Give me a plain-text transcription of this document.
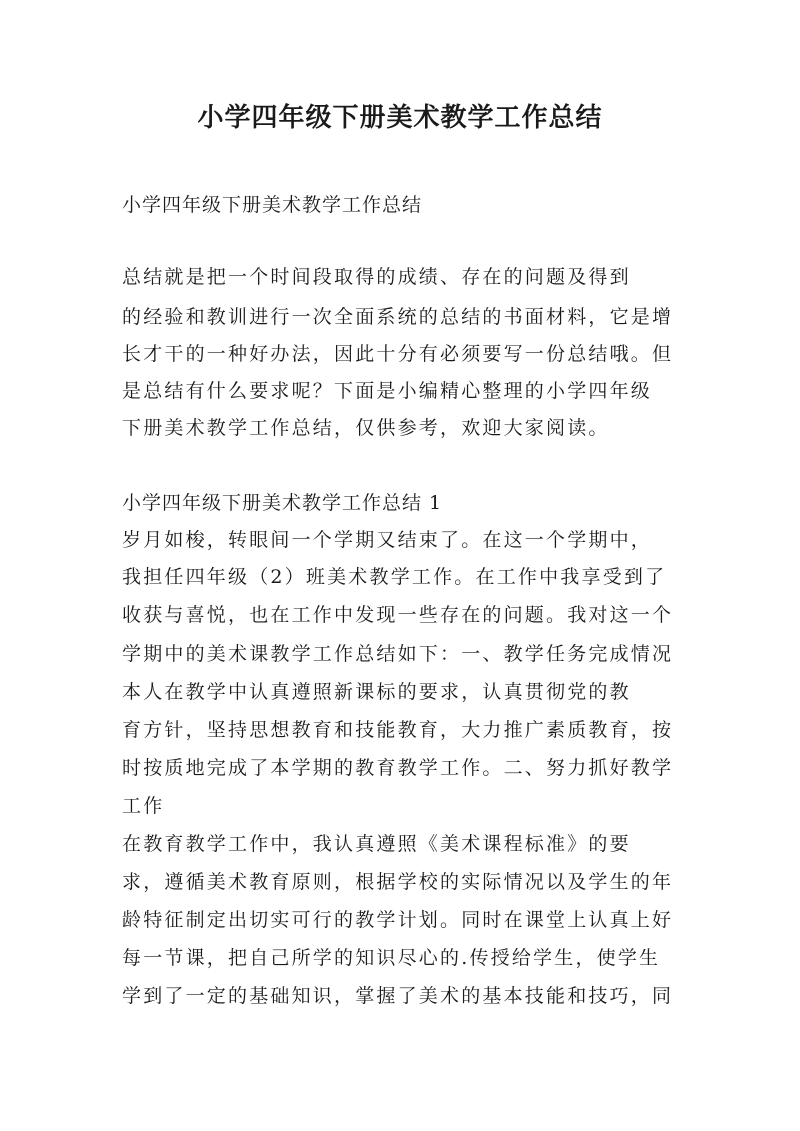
小学四年级下册美术教学工作总结
小学四年级下册美术教学工作总结
总结就是把一个时间段取得的成绩、存在的问题及得到
的经验和教训进行一次全面系统的总结的书面材料，它是增
长才干的一种好办法，因此十分有必须要写一份总结哦。但
是总结有什么要求呢？下面是小编精心整理的小学四年级
下册美术教学工作总结，仅供参考，欢迎大家阅读。
小学四年级下册美术教学工作总结 1
岁月如梭，转眼间一个学期又结束了。在这一个学期中，
我担任四年级（2）班美术教学工作。在工作中我享受到了
收获与喜悦，也在工作中发现一些存在的问题。我对这一个
学期中的美术课教学工作总结如下：一、教学任务完成情况
本人在教学中认真遵照新课标的要求，认真贯彻党的教
育方针，坚持思想教育和技能教育，大力推广素质教育，按
时按质地完成了本学期的教育教学工作。二、努力抓好教学
工作
在教育教学工作中，我认真遵照《美术课程标准》的要
求，遵循美术教育原则，根据学校的实际情况以及学生的年
龄特征制定出切实可行的教学计划。同时在课堂上认真上好
每一节课，把自己所学的知识尽心的.传授给学生，使学生
学到了一定的基础知识，掌握了美术的基本技能和技巧，同
